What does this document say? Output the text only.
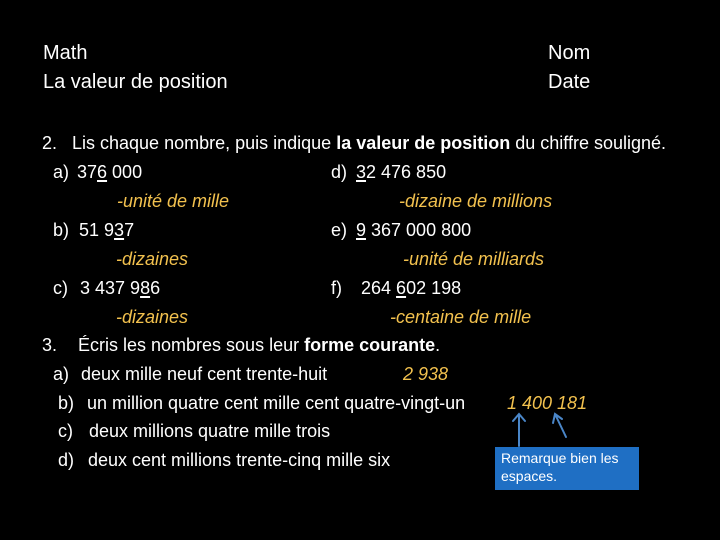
Math
La valeur de position
Nom
Date
2. Lis chaque nombre, puis indique la valeur de position du chiffre souligné.
a) 376 000
-unité de mille
b) 51 937
-dizaines
c) 3 437 986
-dizaines
d) 32 476 850
-dizaine de millions
e) 9 367 000 800
-unité de milliards
f) 264 602 198
-centaine de mille
3. Écris les nombres sous leur forme courante.
a) deux mille neuf cent trente-huit	2 938
b) un million quatre cent mille cent quatre-vingt-un 1 400 181
c) deux millions quatre mille trois
d) deux cent millions trente-cinq mille six	Remarque bien les espaces.
